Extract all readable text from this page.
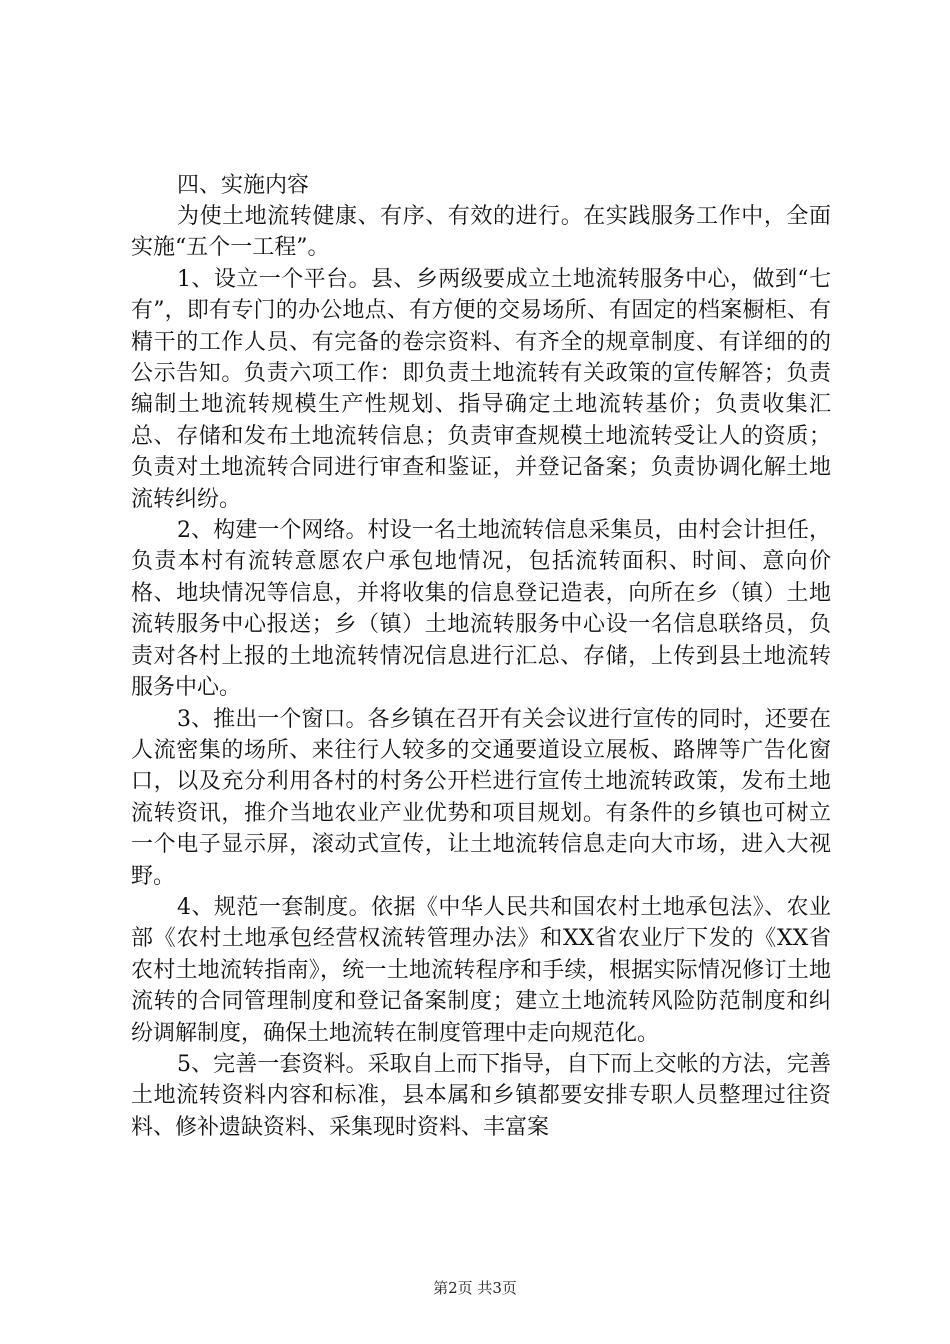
四、实施内容

为使土地流转健康、有序、有效的进行。在实践服务工作中，全面实施“五个一工程”。

1、设立一个平台。县、乡两级要成立土地流转服务中心，做到“七有”，即有专门的办公地点、有方便的交易场所、有固定的档案橱柜、有精干的工作人员、有完备的卷宗资料、有齐全的规章制度、有详细的的公示告知。负责六项工作：即负责土地流转有关政策的宣传解答；负责编制土地流转规模生产性规划、指导确定土地流转基价；负责收集汇总、存储和发布土地流转信息；负责审查规模土地流转受让人的资质；负责对土地流转合同进行审查和鉴证，并登记备案；负责协调化解土地流转纠纷。

2、构建一个网络。村设一名土地流转信息采集员，由村会计担任，负责本村有流转意愿农户承包地情况，包括流转面积、时间、意向价格、地块情况等信息，并将收集的信息登记造表，向所在乡（镇）土地流转服务中心报送；乡（镇）土地流转服务中心设一名信息联络员，负责对各村上报的土地流转情况信息进行汇总、存储，上传到县土地流转服务中心。

3、推出一个窗口。各乡镇在召开有关会议进行宣传的同时，还要在人流密集的场所、来往行人较多的交通要道设立展板、路牌等广告化窗口，以及充分利用各村的村务公开栏进行宣传土地流转政策，发布土地流转资讯，推介当地农业产业优势和项目规划。有条件的乡镇也可树立一个电子显示屏，滚动式宣传，让土地流转信息走向大市场，进入大视野。

4、规范一套制度。依据《中华人民共和国农村土地承包法》、农业部《农村土地承包经营权流转管理办法》和XX省农业厅下发的《XX省农村土地流转指南》，统一土地流转程序和手续，根据实际情况修订土地流转的合同管理制度和登记备案制度；建立土地流转风险防范制度和纠纷调解制度，确保土地流转在制度管理中走向规范化。

5、完善一套资料。采取自上而下指导，自下而上交帐的方法，完善土地流转资料内容和标准，县本属和乡镇都要安排专职人员整理过往资料、修补遗缺资料、采集现时资料、丰富案

第2页 共3页
